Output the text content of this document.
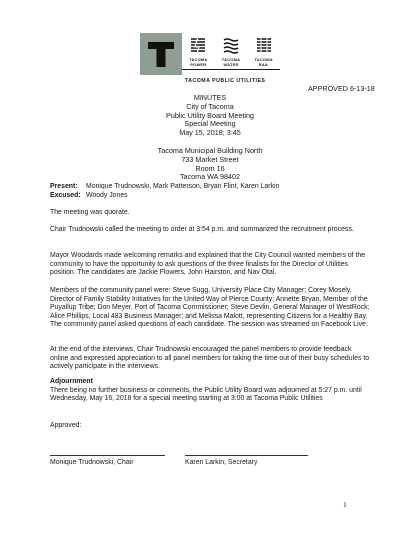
TACOMA
POWER
TACOMA
WATER
TACOMA
RAIL
TACOMA PUBLIC UTILITIES
APPROVED 6-13-18
MINUTES
City of Tacoma
Public Utility Board Meeting
Special Meeting
May 15, 2018; 3:45
Tacoma Municipal Building North
733 Market Street
Room 16
Tacoma WA 98402
Present: Monique Trudnowski, Mark Patterson, Bryan Flint, Karen Larkin
Excused: Woody Jones
The meeting was quorate.
Chair Trudnowski called the meeting to order at 3:54 p.m. and summarized the recruitment process.
Mayor Woodards made welcoming remarks and explained that the City Council wanted members of the community to have the opportunity to ask questions of the three finalists for the Director of Utilities position. The candidates are Jackie Flowers, John Hairston, and Nav Otal.
Members of the community panel were: Steve Sugg, University Place City Manager; Corey Mosely, Director of Family Stability Initiatives for the United Way of Pierce County; Annette Bryan, Member of the Puyallup Tribe; Don Meyer, Port of Tacoma Commissioner; Steve Devlin, General Manager of WestRock; Alice Phillips, Local 483 Business Manager; and Melissa Malott, representing Citizens for a Healthy Bay. The community panel asked questions of each candidate. The session was streamed on Facebook Live.
At the end of the interviews, Chair Trudnowski encouraged the panel members to provide feedback online and expressed appreciation to all panel members for taking the time out of their busy schedules to actively participate in the interviews.
Adjournment
There being no further business or comments, the Public Utility Board was adjourned at 5:27 p.m. until Wednesday, May 16, 2018 for a special meeting starting at 3:00 at Tacoma Public Utilities
Approved:
Monique Trudnowski, Chair	Karen Larkin, Secretary
1
